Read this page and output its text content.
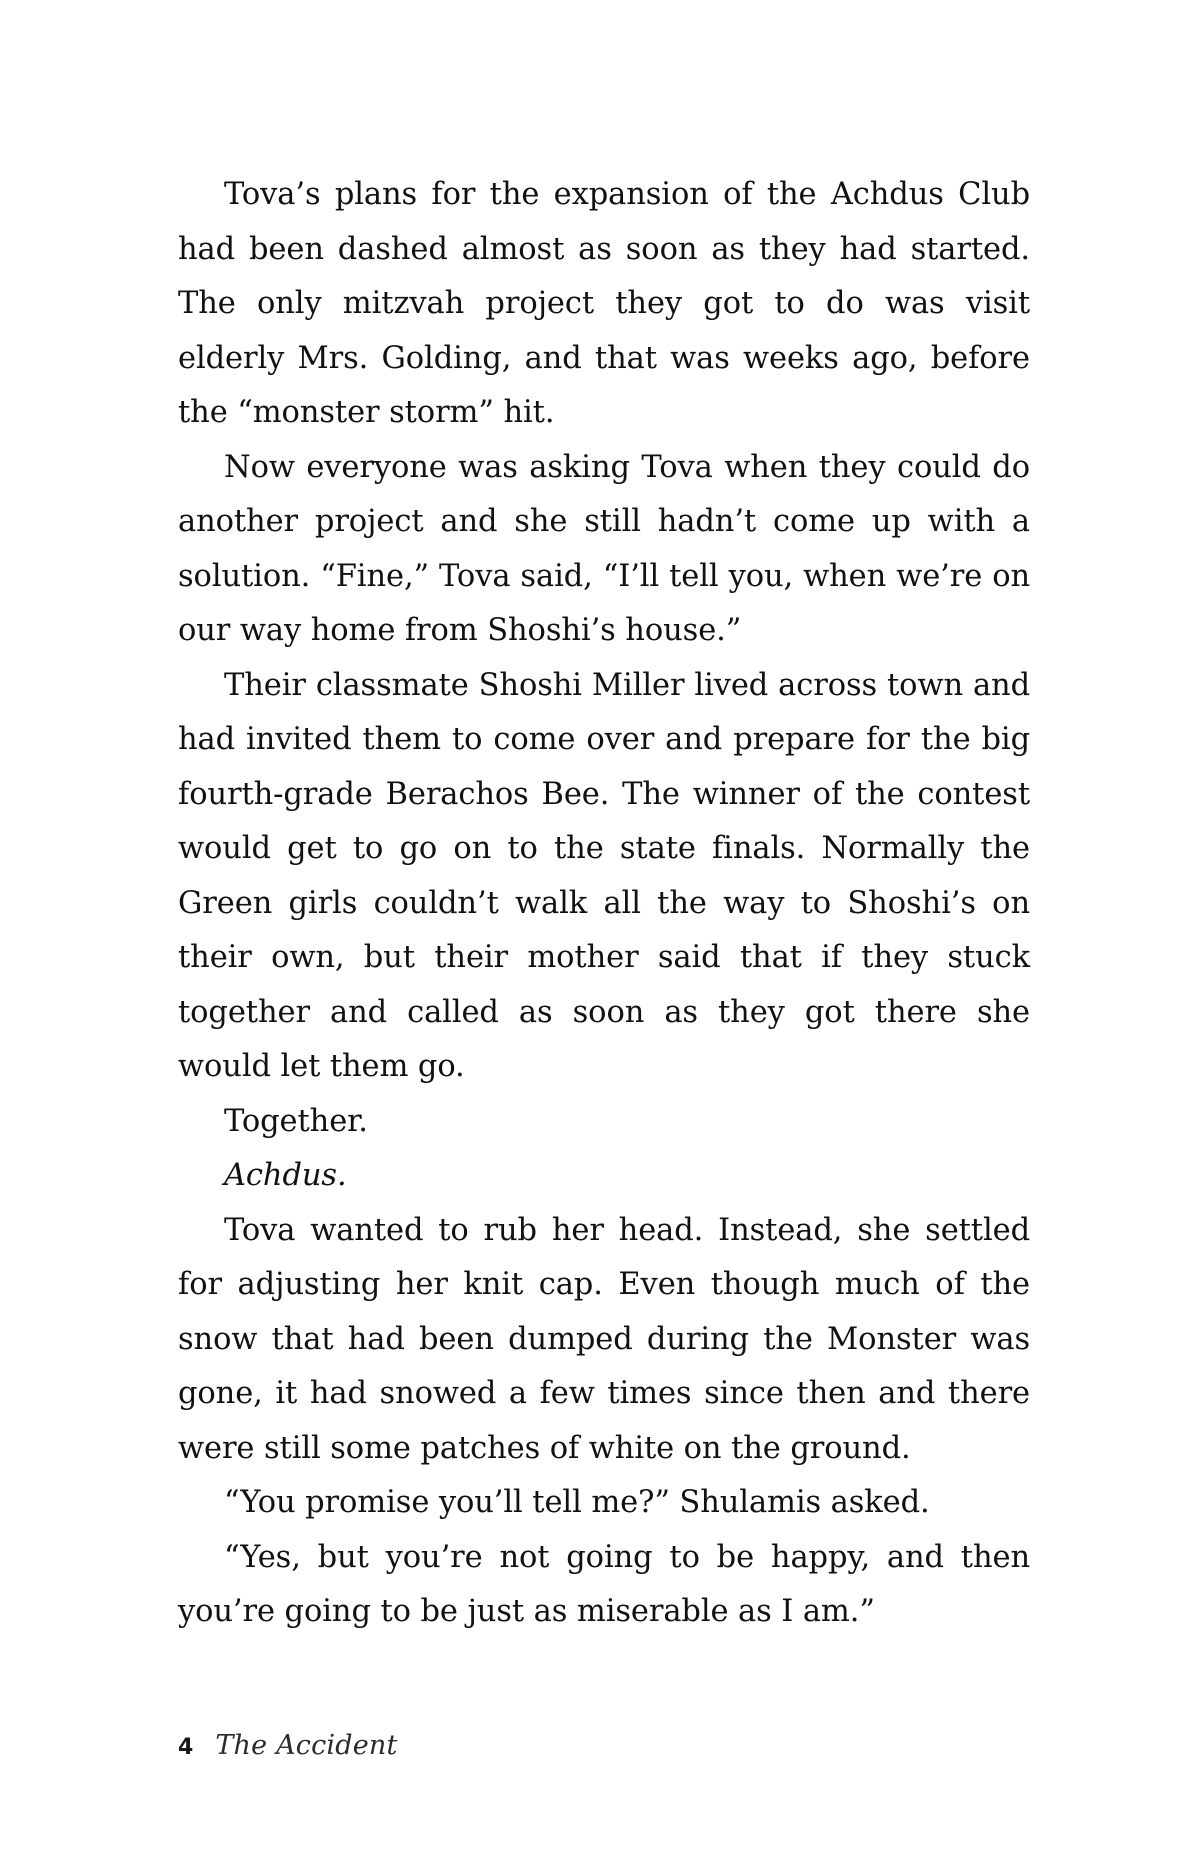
Tova’s plans for the expansion of the Achdus Club had been dashed almost as soon as they had started. The only mitzvah project they got to do was visit elderly Mrs. Golding, and that was weeks ago, before the “monster storm” hit.

Now everyone was asking Tova when they could do another project and she still hadn’t come up with a solution. “Fine,” Tova said, “I’ll tell you, when we’re on our way home from Shoshi’s house.”

Their classmate Shoshi Miller lived across town and had invited them to come over and prepare for the big fourth-grade Berachos Bee. The winner of the contest would get to go on to the state finals. Normally the Green girls couldn’t walk all the way to Shoshi’s on their own, but their mother said that if they stuck together and called as soon as they got there she would let them go.

Together.

Achdus.

Tova wanted to rub her head. Instead, she settled for adjusting her knit cap. Even though much of the snow that had been dumped during the Monster was gone, it had snowed a few times since then and there were still some patches of white on the ground.

“You promise you’ll tell me?” Shulamis asked.

“Yes, but you’re not going to be happy, and then you’re going to be just as miserable as I am.”

4 The Accident
